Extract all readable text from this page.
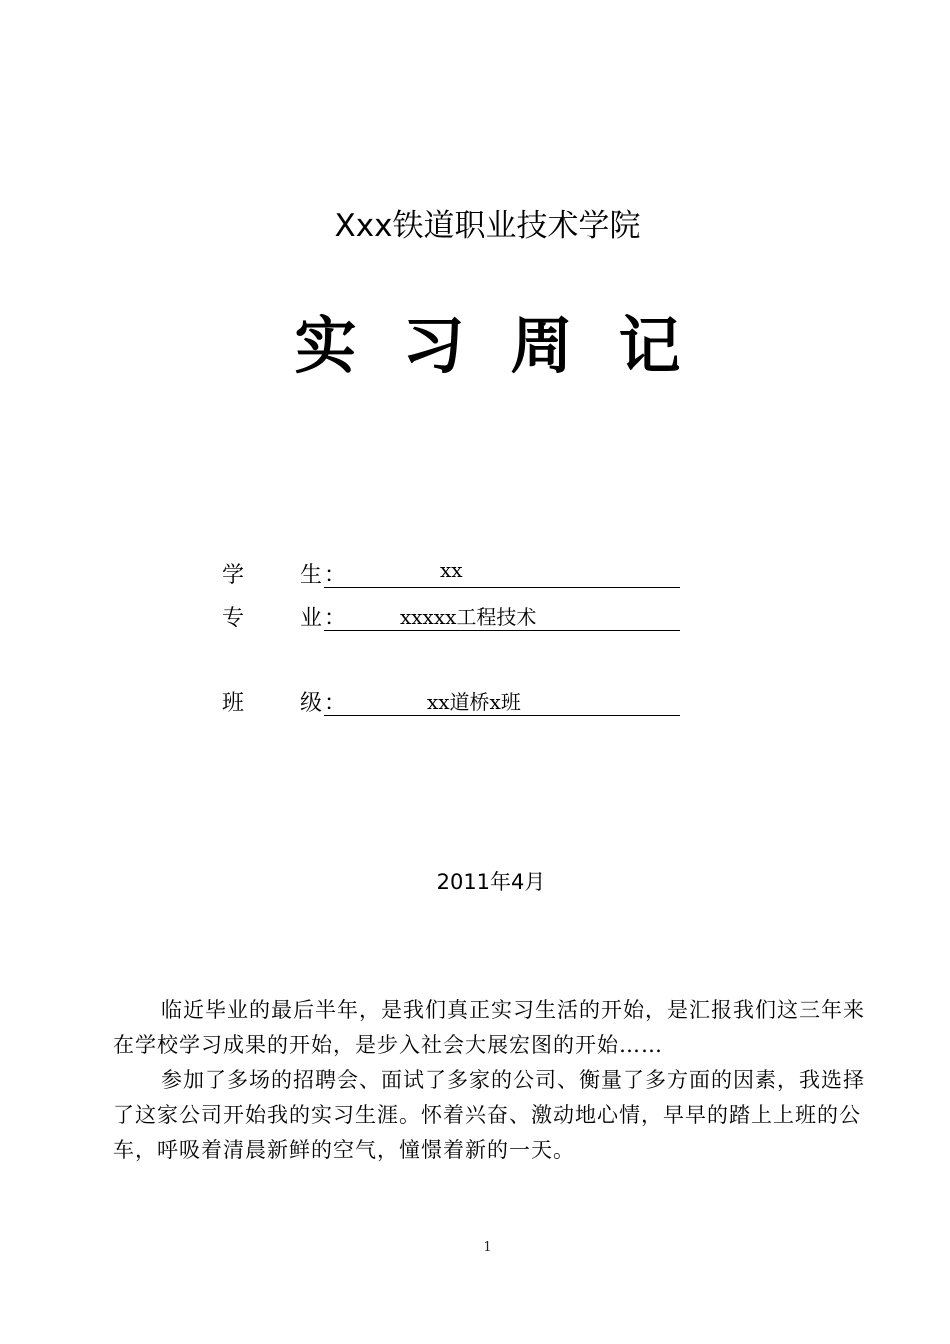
Xxx铁道职业技术学院
实 习 周 记
学	生 ：	xx
专	业 ：	xxxxx工程技术
班	级 ：	xx道桥x班
2011年4月

临近毕业的最后半年，是我们真正实习生活的开始，是汇报我们这三年来在学校学习成果的开始，是步入社会大展宏图的开始……

参加了多场的招聘会、面试了多家的公司、衡量了多方面的因素，我选择了这家公司开始我的实习生涯。怀着兴奋、激动地心情，早早的踏上上班的公车，呼吸着清晨新鲜的空气，憧憬着新的一天。

1
